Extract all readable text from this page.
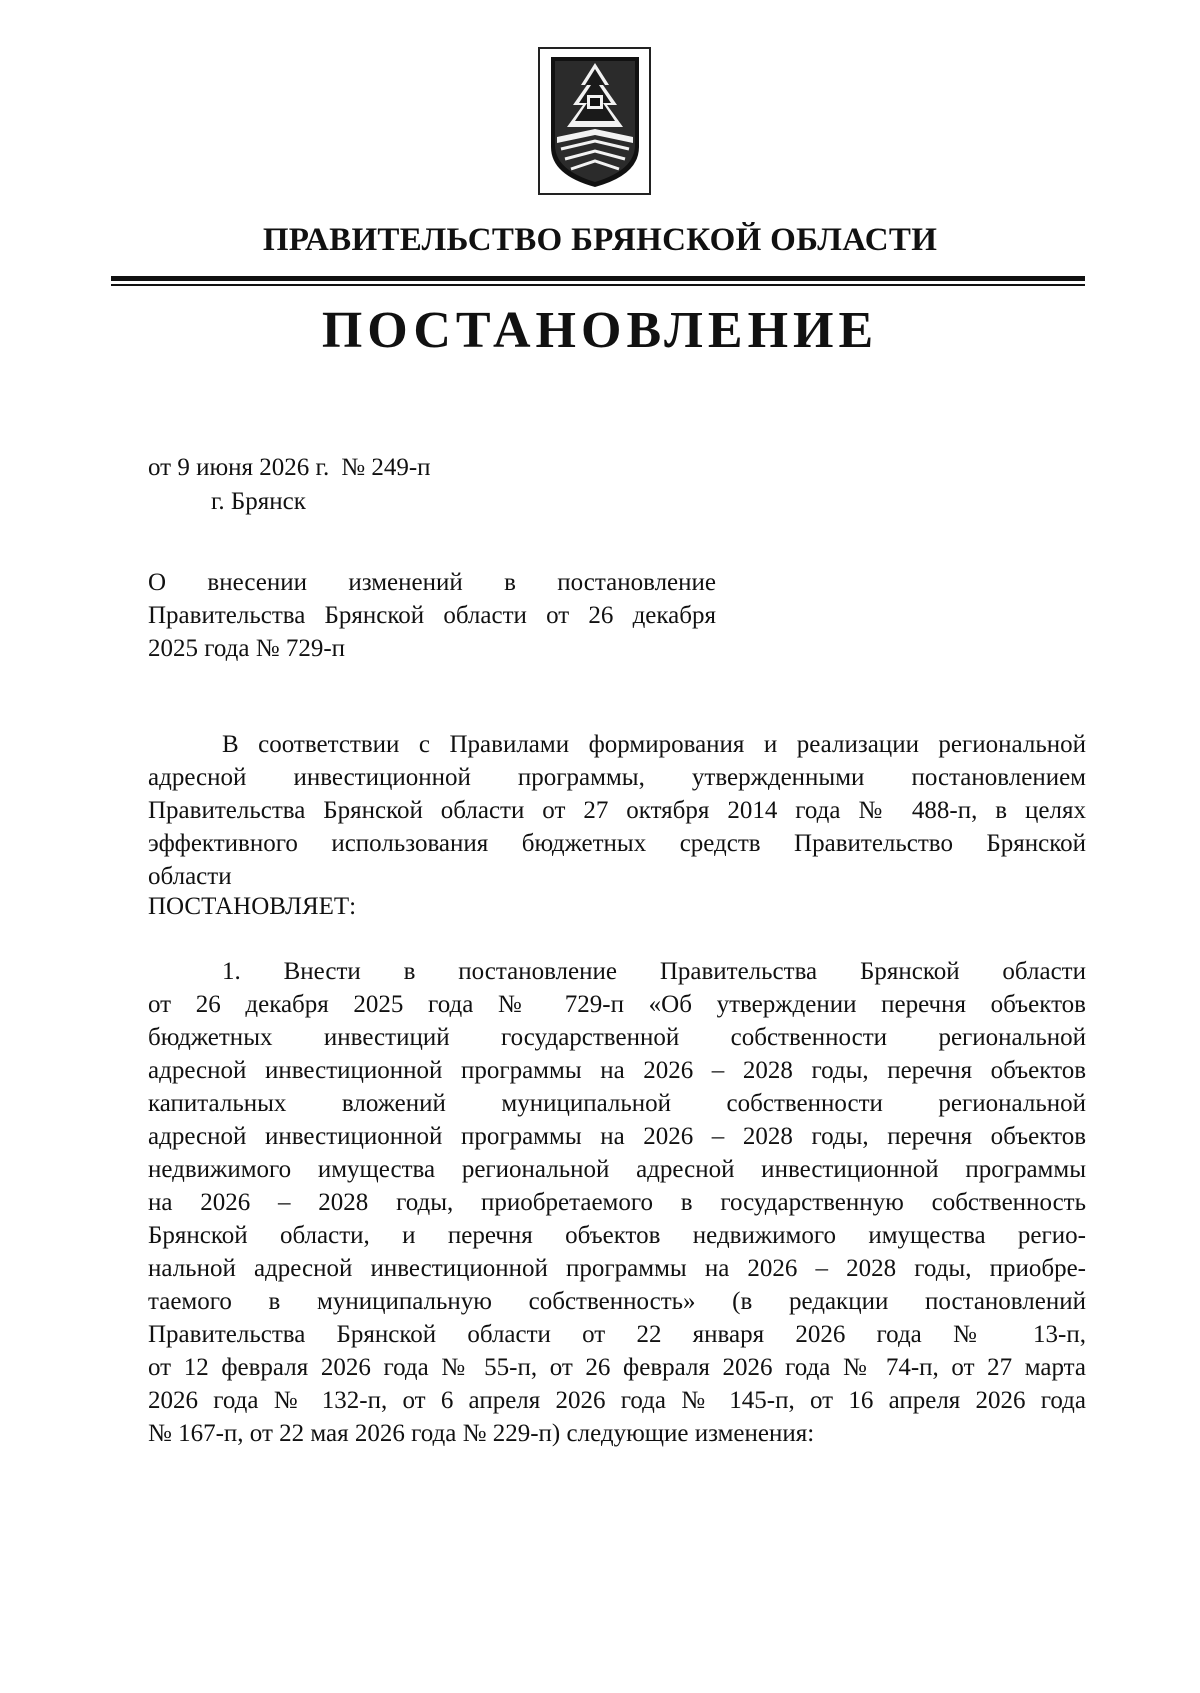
ПРАВИТЕЛЬСТВО БРЯНСКОЙ ОБЛАСТИ
ПОСТАНОВЛЕНИЕ
от 9 июня 2026 г. № 249-п
г. Брянск
О внесении изменений в постановление
Правительства Брянской области от 26 декабря
2025 года № 729-п
В соответствии с Правилами формирования и реализации региональной
адресной инвестиционной программы, утвержденными постановлением
Правительства Брянской области от 27 октября 2014 года № 488-п, в целях
эффективного использования бюджетных средств Правительство Брянской
области
ПОСТАНОВЛЯЕТ:
1. Внести в постановление Правительства Брянской области
от 26 декабря 2025 года № 729-п «Об утверждении перечня объектов
бюджетных инвестиций государственной собственности региональной
адресной инвестиционной программы на 2026 – 2028 годы, перечня объектов
капитальных вложений муниципальной собственности региональной
адресной инвестиционной программы на 2026 – 2028 годы, перечня объектов
недвижимого имущества региональной адресной инвестиционной программы
на 2026 – 2028 годы, приобретаемого в государственную собственность
Брянской области, и перечня объектов недвижимого имущества регио-
нальной адресной инвестиционной программы на 2026 – 2028 годы, приобре-
таемого в муниципальную собственность» (в редакции постановлений
Правительства Брянской области от 22 января 2026 года № 13-п,
от 12 февраля 2026 года № 55-п, от 26 февраля 2026 года № 74-п, от 27 марта
2026 года № 132-п, от 6 апреля 2026 года № 145-п, от 16 апреля 2026 года
№ 167-п, от 22 мая 2026 года № 229-п) следующие изменения:
